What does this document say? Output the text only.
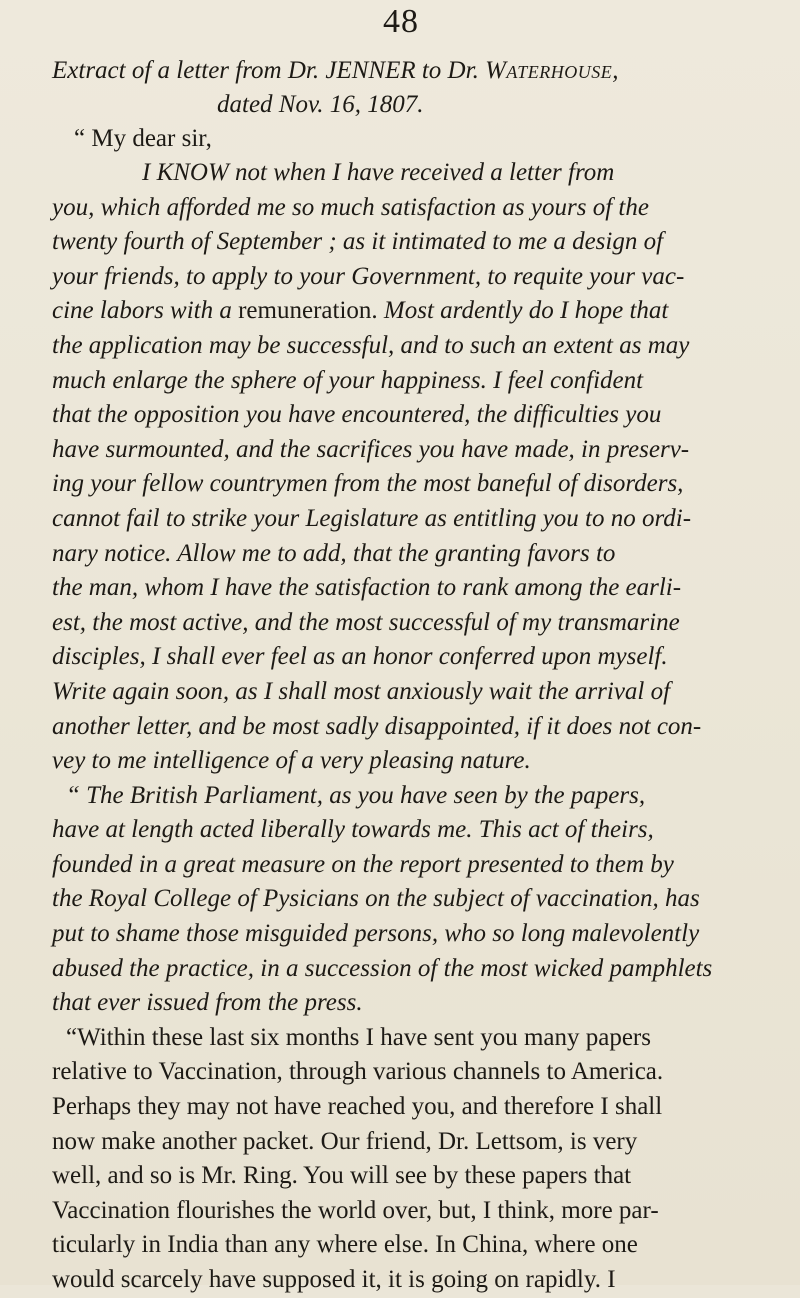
48

Extract of a letter from Dr. JENNER to Dr. Waterhouse,

dated Nov. 16, 1807.

“ My dear sir,

I KNOW not when I have received a letter from
you, which afforded me so much satisfaction as yours of the
twenty fourth of September ; as it intimated to me a design of
your friends, to apply to your Government, to requite your vac-
cine labors with a remuneration. Most ardently do I hope that
the application may be successful, and to such an extent as may
much enlarge the sphere of your happiness. I feel confident
that the opposition you have encountered, the difficulties you
have surmounted, and the sacrifices you have made, in preserv-
ing your fellow countrymen from the most baneful of disorders,
cannot fail to strike your Legislature as entitling you to no ordi-
nary notice. Allow me to add, that the granting favors to
the man, whom I have the satisfaction to rank among the earli-
est, the most active, and the most successful of my transmarine
disciples, I shall ever feel as an honor conferred upon myself.
Write again soon, as I shall most anxiously wait the arrival of
another letter, and be most sadly disappointed, if it does not con-
vey to me intelligence of a very pleasing nature.
“ The British Parliament, as you have seen by the papers,
have at length acted liberally towards me. This act of theirs,
founded in a great measure on the report presented to them by
the Royal College of Pysicians on the subject of vaccination, has
put to shame those misguided persons, who so long malevolently
abused the practice, in a succession of the most wicked pamphlets
that ever issued from the press.
“Within these last six months I have sent you many papers
relative to Vaccination, through various channels to America.
Perhaps they may not have reached you, and therefore I shall
now make another packet. Our friend, Dr. Lettsom, is very
well, and so is Mr. Ring. You will see by these papers that
Vaccination flourishes the world over, but, I think, more par-
ticularly in India than any where else. In China, where one
would scarcely have supposed it, it is going on rapidly. I
